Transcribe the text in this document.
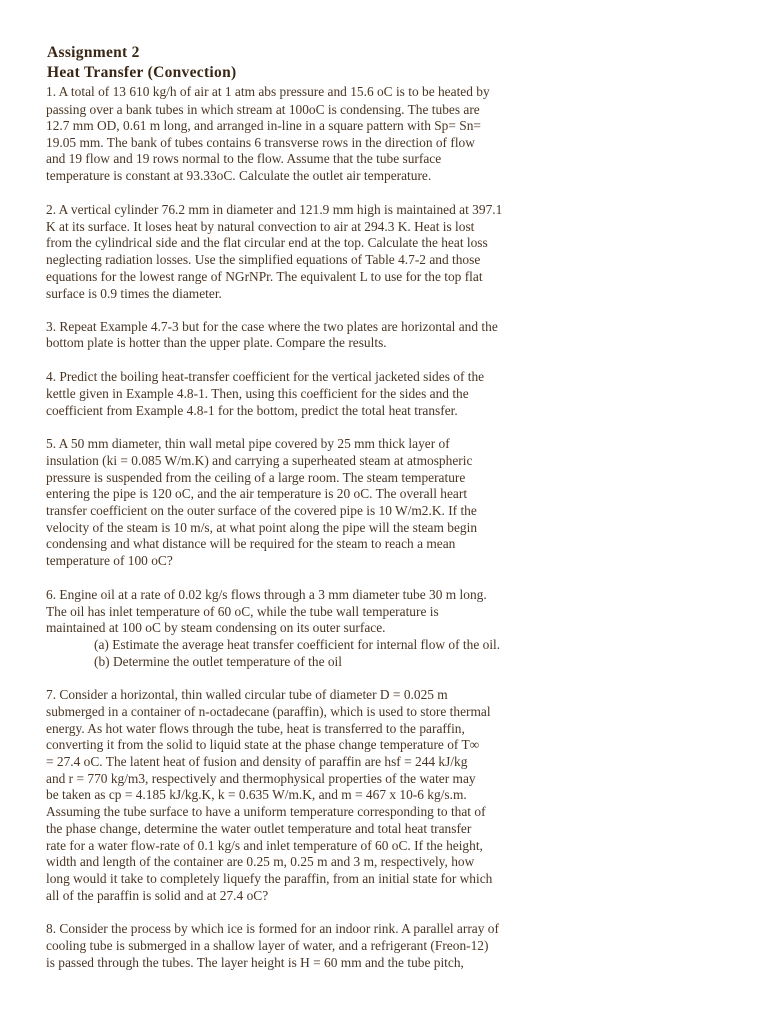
Assignment 2
Heat Transfer (Convection)
1. A total of 13 610 kg/h of air at 1 atm abs pressure and 15.6 oC is to be heated by
passing over a bank tubes in which stream at 100oC is condensing. The tubes are
12.7 mm OD, 0.61 m long, and arranged in-line in a square pattern with Sp= Sn=
19.05 mm. The bank of tubes contains 6 transverse rows in the direction of flow
and 19 flow and 19 rows normal to the flow. Assume that the tube surface
temperature is constant at 93.33oC. Calculate the outlet air temperature.
2. A vertical cylinder 76.2 mm in diameter and 121.9 mm high is maintained at 397.1
K at its surface. It loses heat by natural convection to air at 294.3 K. Heat is lost
from the cylindrical side and the flat circular end at the top. Calculate the heat loss
neglecting radiation losses. Use the simplified equations of Table 4.7-2 and those
equations for the lowest range of NGrNPr. The equivalent L to use for the top flat
surface is 0.9 times the diameter.
3. Repeat Example 4.7-3 but for the case where the two plates are horizontal and the
bottom plate is hotter than the upper plate. Compare the results.
4. Predict the boiling heat-transfer coefficient for the vertical jacketed sides of the
kettle given in Example 4.8-1. Then, using this coefficient for the sides and the
coefficient from Example 4.8-1 for the bottom, predict the total heat transfer.
5. A 50 mm diameter, thin wall metal pipe covered by 25 mm thick layer of
insulation (ki = 0.085 W/m.K) and carrying a superheated steam at atmospheric
pressure is suspended from the ceiling of a large room. The steam temperature
entering the pipe is 120 oC, and the air temperature is 20 oC. The overall heart
transfer coefficient on the outer surface of the covered pipe is 10 W/m2.K. If the
velocity of the steam is 10 m/s, at what point along the pipe will the steam begin
condensing and what distance will be required for the steam to reach a mean
temperature of 100 oC?
6. Engine oil at a rate of 0.02 kg/s flows through a 3 mm diameter tube 30 m long.
The oil has inlet temperature of 60 oC, while the tube wall temperature is
maintained at 100 oC by steam condensing on its outer surface.
(a) Estimate the average heat transfer coefficient for internal flow of the oil.
(b) Determine the outlet temperature of the oil
7. Consider a horizontal, thin walled circular tube of diameter D = 0.025 m
submerged in a container of n-octadecane (paraffin), which is used to store thermal
energy. As hot water flows through the tube, heat is transferred to the paraffin,
converting it from the solid to liquid state at the phase change temperature of T∞
= 27.4 oC. The latent heat of fusion and density of paraffin are hsf = 244 kJ/kg
and r = 770 kg/m3, respectively and thermophysical properties of the water may
be taken as cp = 4.185 kJ/kg.K, k = 0.635 W/m.K, and m = 467 x 10-6 kg/s.m.
Assuming the tube surface to have a uniform temperature corresponding to that of
the phase change, determine the water outlet temperature and total heat transfer
rate for a water flow-rate of 0.1 kg/s and inlet temperature of 60 oC. If the height,
width and length of the container are 0.25 m, 0.25 m and 3 m, respectively, how
long would it take to completely liquefy the paraffin, from an initial state for which
all of the paraffin is solid and at 27.4 oC?
8. Consider the process by which ice is formed for an indoor rink. A parallel array of
cooling tube is submerged in a shallow layer of water, and a refrigerant (Freon-12)
is passed through the tubes. The layer height is H = 60 mm and the tube pitch,
